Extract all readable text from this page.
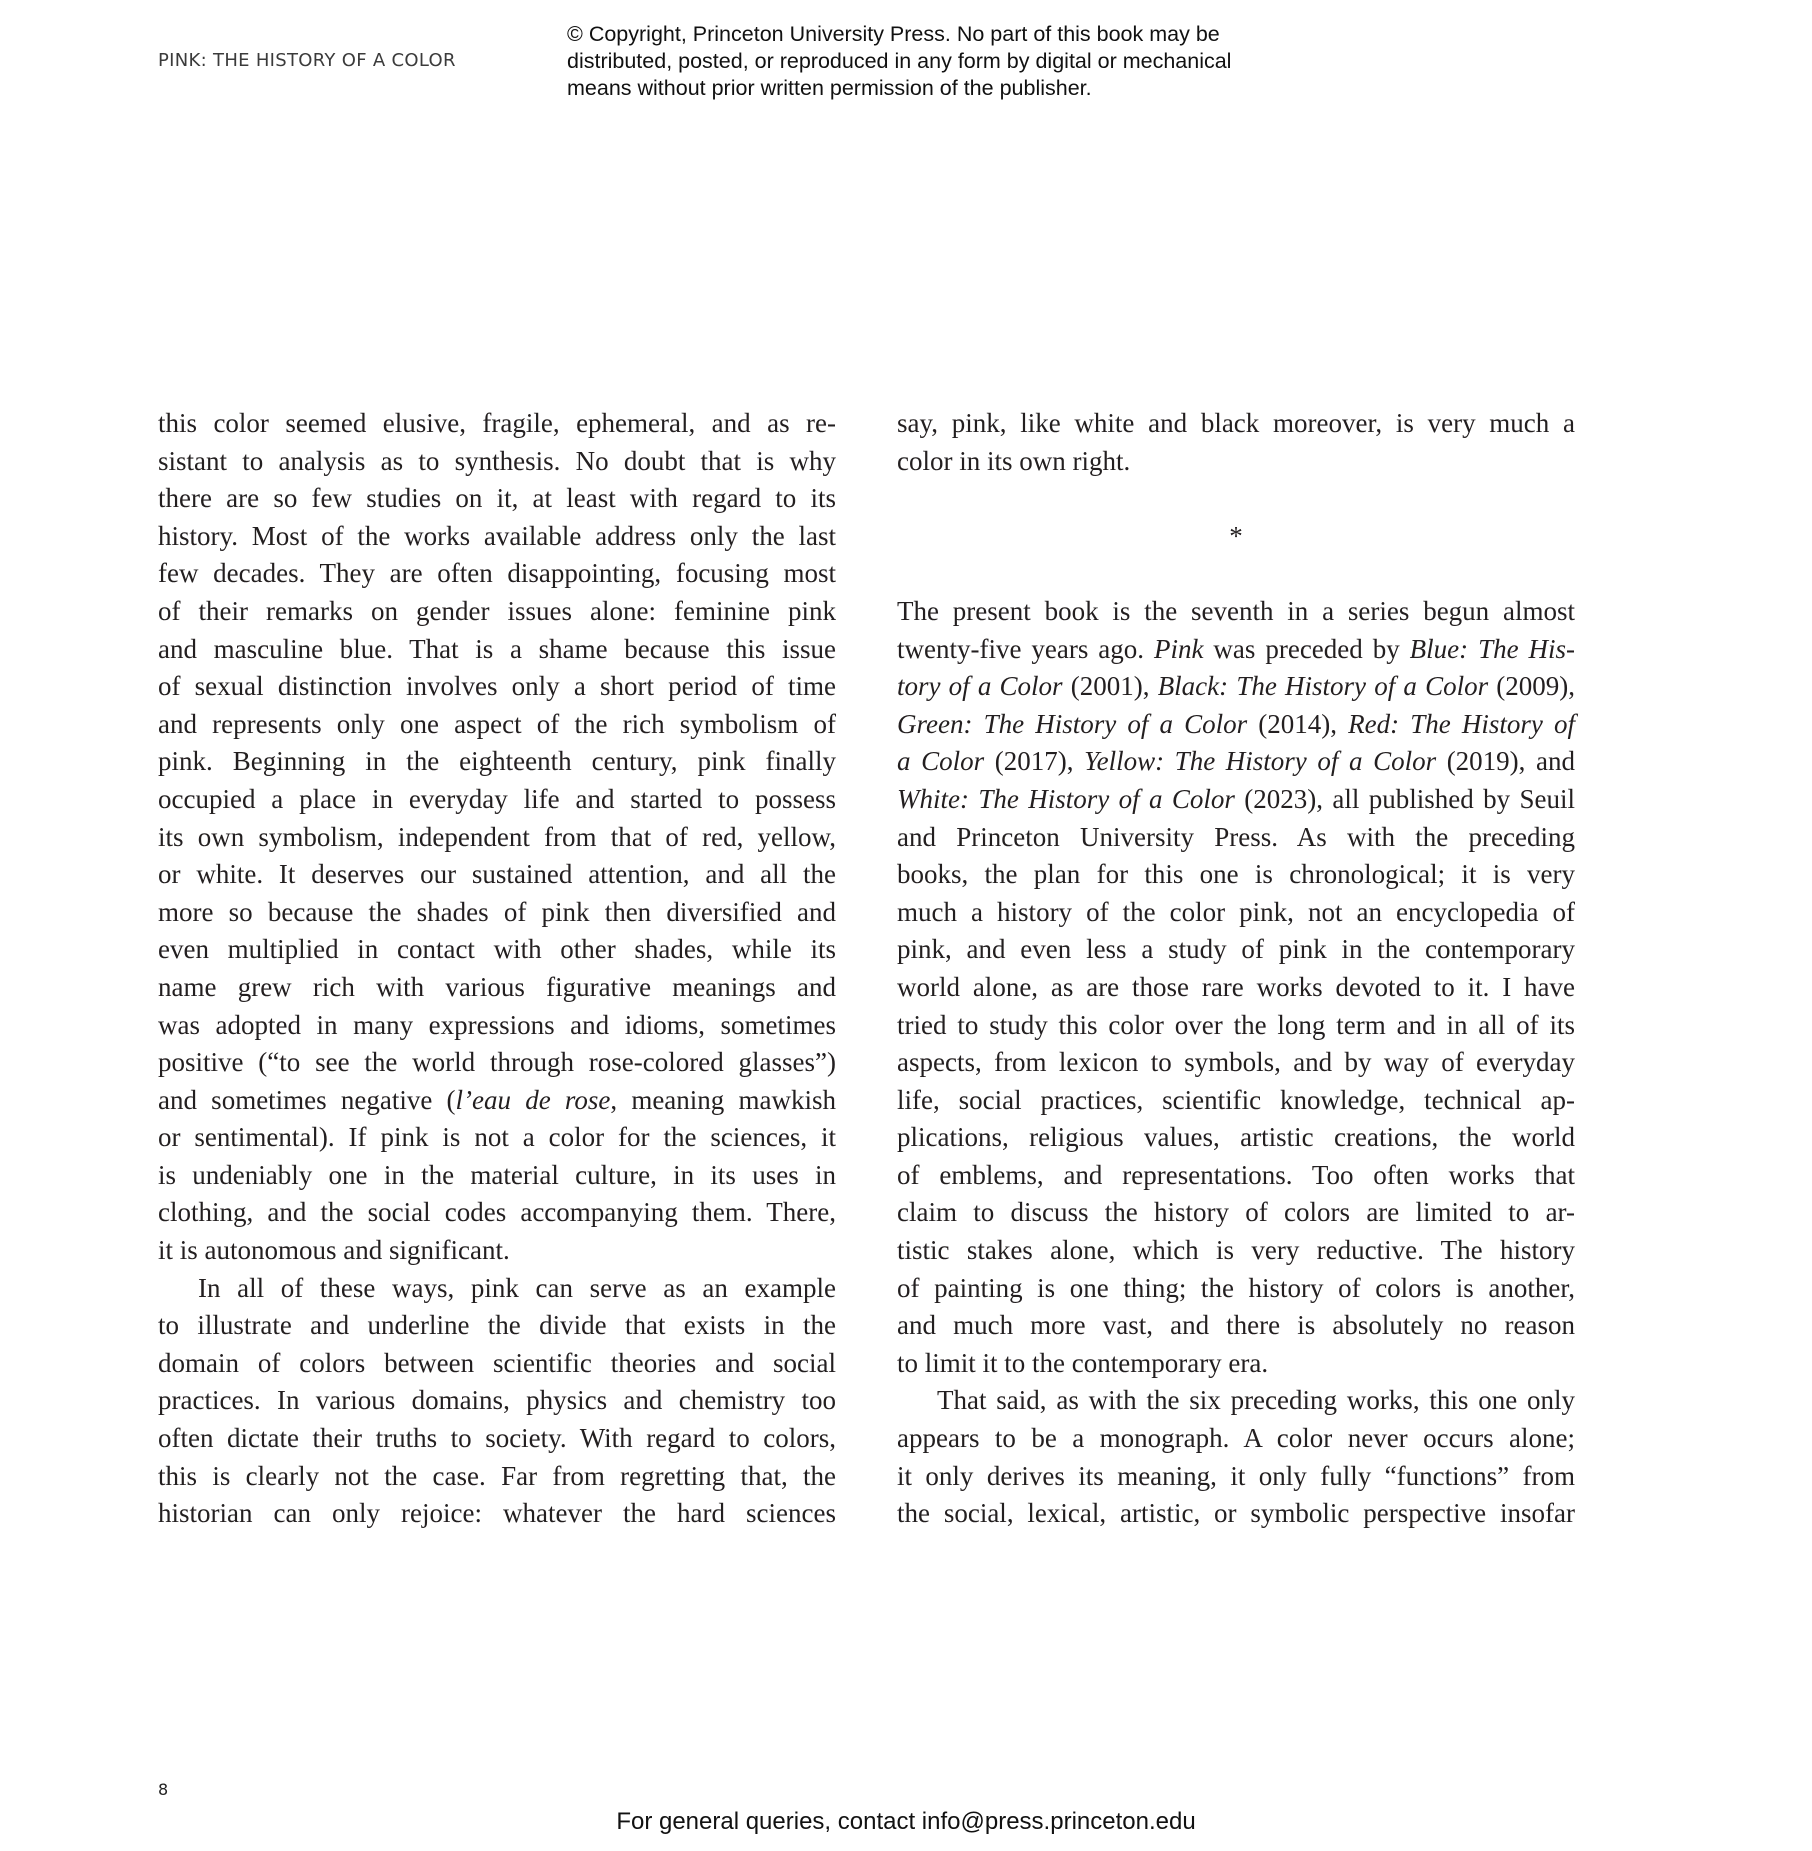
PINK: THE HISTORY OF A COLOR
© Copyright, Princeton University Press. No part of this book may be
distributed, posted, or reproduced in any form by digital or mechanical
means without prior written permission of the publisher.
this color seemed elusive, fragile, ephemeral, and as re-
sistant to analysis as to synthesis. No doubt that is why
there are so few studies on it, at least with regard to its
history. Most of the works available address only the last
few decades. They are often disappointing, focusing most
of their remarks on gender issues alone: feminine pink
and masculine blue. That is a shame because this issue
of sexual distinction involves only a short period of time
and represents only one aspect of the rich symbolism of
pink. Beginning in the eighteenth century, pink finally
occupied a place in everyday life and started to possess
its own symbolism, independent from that of red, yellow,
or white. It deserves our sustained attention, and all the
more so because the shades of pink then diversified and
even multiplied in contact with other shades, while its
name grew rich with various figurative meanings and
was adopted in many expressions and idioms, sometimes
positive (“to see the world through rose-colored glasses”)
and sometimes negative (l’eau de rose, meaning mawkish
or sentimental). If pink is not a color for the sciences, it
is undeniably one in the material culture, in its uses in
clothing, and the social codes accompanying them. There,
it is autonomous and significant.
In all of these ways, pink can serve as an example
to illustrate and underline the divide that exists in the
domain of colors between scientific theories and social
practices. In various domains, physics and chemistry too
often dictate their truths to society. With regard to colors,
this is clearly not the case. Far from regretting that, the
historian can only rejoice: whatever the hard sciences
say, pink, like white and black moreover, is very much a
color in its own right.
*
The present book is the seventh in a series begun almost
twenty-five years ago. Pink was preceded by Blue: The His-
tory of a Color (2001), Black: The History of a Color (2009),
Green: The History of a Color (2014), Red: The History of
a Color (2017), Yellow: The History of a Color (2019), and
White: The History of a Color (2023), all published by Seuil
and Princeton University Press. As with the preceding
books, the plan for this one is chronological; it is very
much a history of the color pink, not an encyclopedia of
pink, and even less a study of pink in the contemporary
world alone, as are those rare works devoted to it. I have
tried to study this color over the long term and in all of its
aspects, from lexicon to symbols, and by way of everyday
life, social practices, scientific knowledge, technical ap-
plications, religious values, artistic creations, the world
of emblems, and representations. Too often works that
claim to discuss the history of colors are limited to ar-
tistic stakes alone, which is very reductive. The history
of painting is one thing; the history of colors is another,
and much more vast, and there is absolutely no reason
to limit it to the contemporary era.
That said, as with the six preceding works, this one only
appears to be a monograph. A color never occurs alone;
it only derives its meaning, it only fully “functions” from
the social, lexical, artistic, or symbolic perspective insofar
8
For general queries, contact info@press.princeton.edu
